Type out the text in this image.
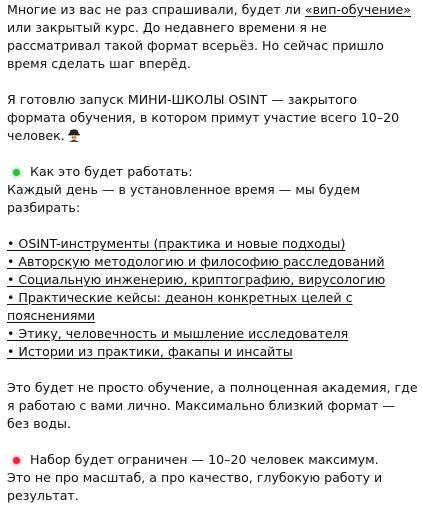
Многие из вас не раз спрашивали, будет ли «вип-обучение» или закрытый курс. До недавнего времени я не рассматривал такой формат всерьёз. Но сейчас пришло время сделать шаг вперёд.

Я готовлю запуск МИНИ-ШКОЛЫ OSINT — закрытого формата обучения, в котором примут участие всего 10–20 человек.

Как это будет работать:

Каждый день — в установленное время — мы будем разбирать:

• OSINT-инструменты (практика и новые подходы)
• Авторскую методологию и философию расследований
• Социальную инженерию, криптографию, вирусологию
• Практические кейсы: деанон конкретных целей с пояснениями
• Этику, человечность и мышление исследователя
• Истории из практики, факапы и инсайты

Это будет не просто обучение, а полноценная академия, где я работаю с вами лично. Максимально близкий формат — без воды.

Набор будет ограничен — 10–20 человек максимум.

Это не про масштаб, а про качество, глубокую работу и результат.
